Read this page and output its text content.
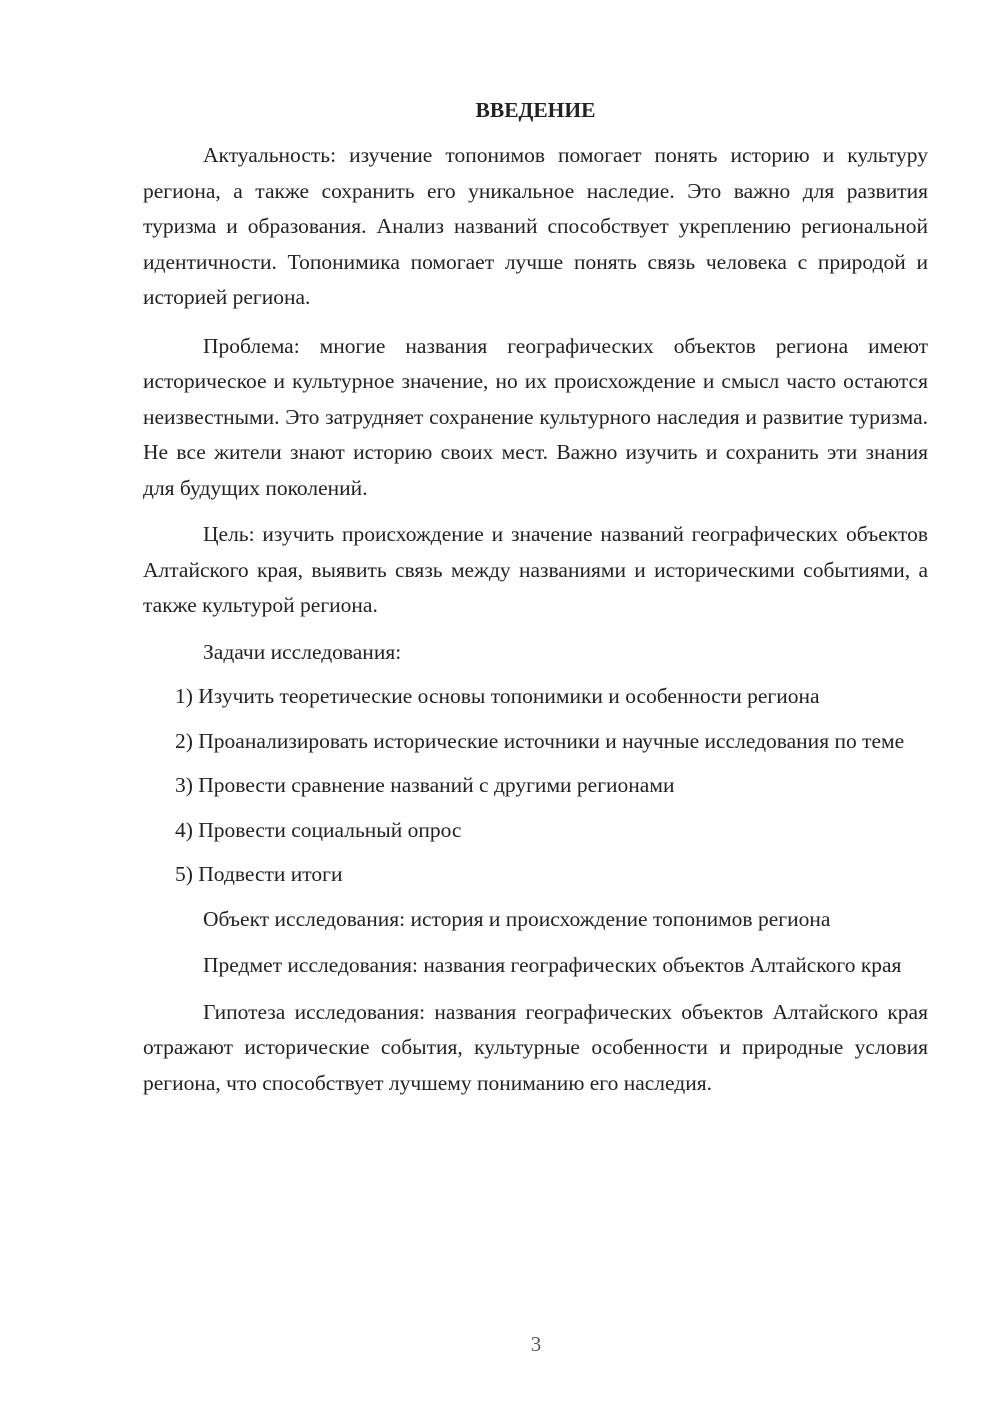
ВВЕДЕНИЕ

Актуальность: изучение топонимов помогает понять историю и культуру региона, а также сохранить его уникальное наследие. Это важно для развития туризма и образования. Анализ названий способствует укреплению региональной идентичности. Топонимика помогает лучше понять связь человека с природой и историей региона.

Проблема: многие названия географических объектов региона имеют историческое и культурное значение, но их происхождение и смысл часто остаются неизвестными. Это затрудняет сохранение культурного наследия и развитие туризма. Не все жители знают историю своих мест. Важно изучить и сохранить эти знания для будущих поколений.

Цель: изучить происхождение и значение названий географических объектов Алтайского края, выявить связь между названиями и историческими событиями, а также культурой региона.

Задачи исследования:

1) Изучить теоретические основы топонимики и особенности региона

2) Проанализировать исторические источники и научные исследования по теме

3) Провести сравнение названий с другими регионами

4) Провести социальный опрос

5) Подвести итоги

Объект исследования: история и происхождение топонимов региона

Предмет исследования: названия географических объектов Алтайского края

Гипотеза исследования: названия географических объектов Алтайского края отражают исторические события, культурные особенности и природные условия региона, что способствует лучшему пониманию его наследия.

3
